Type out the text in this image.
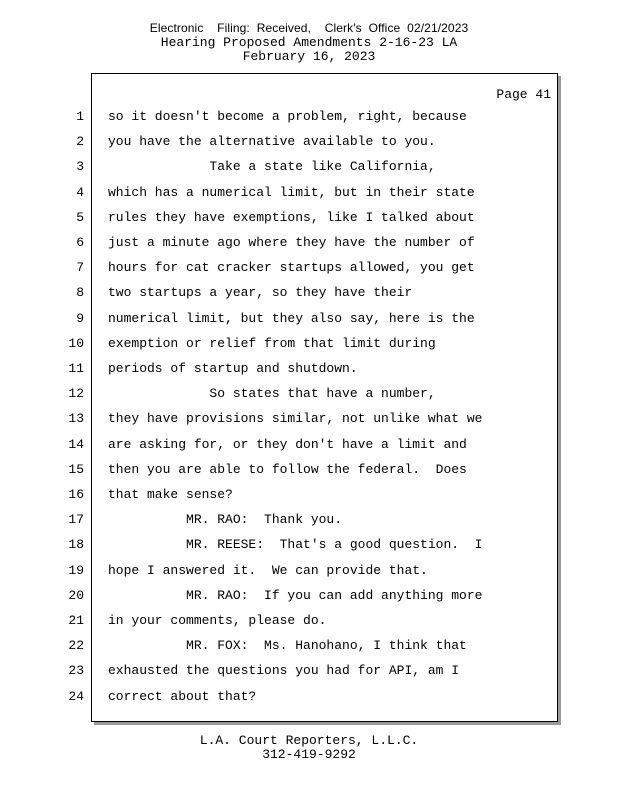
Electronic    Filing:  Received,    Clerk's  Office  02/21/2023
Hearing Proposed Amendments 2-16-23 LA
February 16, 2023
Page 41
1 so it doesn't become a problem, right, because
2 you have the alternative available to you.
3 Take a state like California,
4 which has a numerical limit, but in their state
5 rules they have exemptions, like I talked about
6 just a minute ago where they have the number of
7 hours for cat cracker startups allowed, you get
8 two startups a year, so they have their
9 numerical limit, but they also say, here is the
10 exemption or relief from that limit during
11 periods of startup and shutdown.
12 So states that have a number,
13 they have provisions similar, not unlike what we
14 are asking for, or they don't have a limit and
15 then you are able to follow the federal.  Does
16 that make sense?
17 MR. RAO:  Thank you.
18 MR. REESE:  That's a good question.  I
19 hope I answered it.  We can provide that.
20 MR. RAO:  If you can add anything more
21 in your comments, please do.
22 MR. FOX:  Ms. Hanohano, I think that
23 exhausted the questions you had for API, am I
24 correct about that?
L.A. Court Reporters, L.L.C.
312-419-9292
